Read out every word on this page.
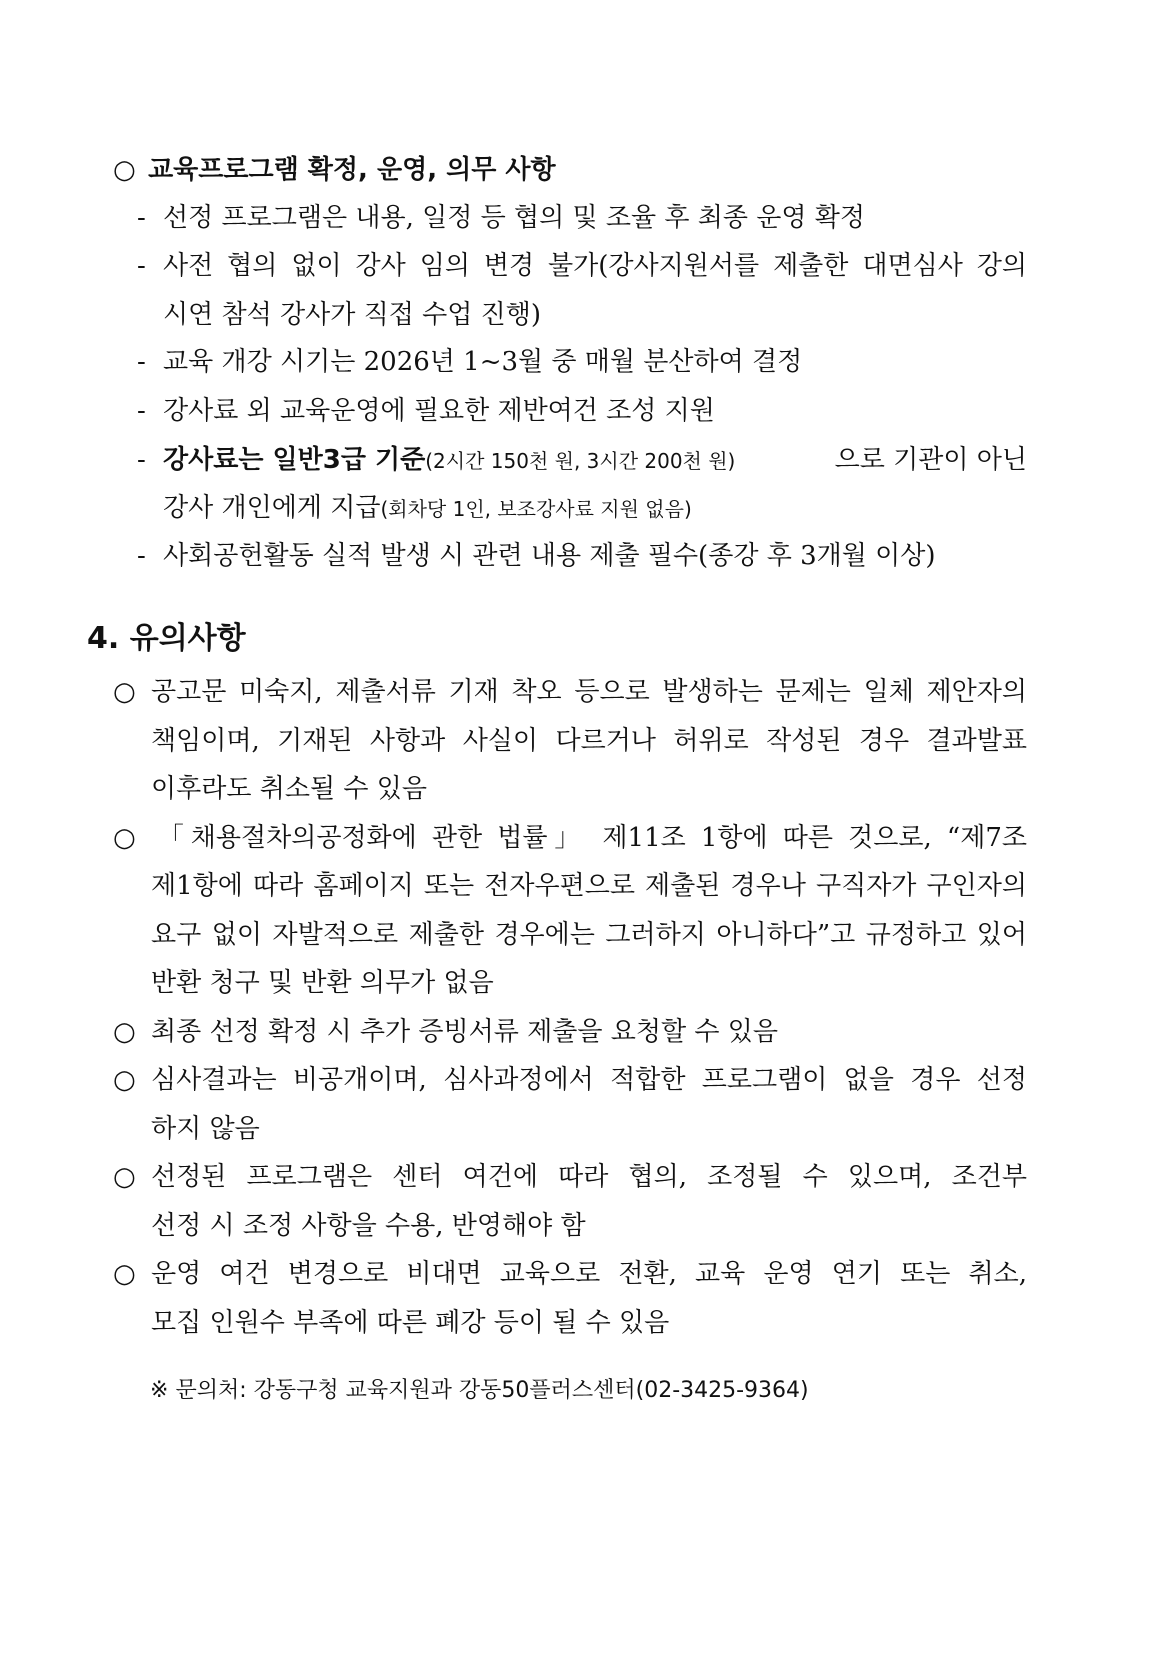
○ 교육프로그램 확정, 운영, 의무 사항
- 선정 프로그램은 내용, 일정 등 협의 및 조율 후 최종 운영 확정
- 사전 협의 없이 강사 임의 변경 불가(강사지원서를 제출한 대면심사 강의
시연 참석 강사가 직접 수업 진행)
- 교육 개강 시기는 2026년 1~3월 중 매월 분산하여 결정
- 강사료 외 교육운영에 필요한 제반여건 조성 지원
- 강사료는 일반3급 기준(2시간 150천 원, 3시간 200천 원)	으로 기관이 아닌
강사 개인에게 지급(회차당 1인, 보조강사료 지원 없음)
- 사회공헌활동 실적 발생 시 관련 내용 제출 필수(종강 후 3개월 이상)
4. 유의사항
○ 공고문 미숙지, 제출서류 기재 착오 등으로 발생하는 문제는 일체 제안자의
책임이며, 기재된 사항과 사실이 다르거나 허위로 작성된 경우 결과발표
이후라도 취소될 수 있음
○ 「채용절차의공정화에 관한 법률」 제11조 1항에 따른 것으로, “제7조
제1항에 따라 홈페이지 또는 전자우편으로 제출된 경우나 구직자가 구인자의
요구 없이 자발적으로 제출한 경우에는 그러하지 아니하다”고 규정하고 있어
반환 청구 및 반환 의무가 없음
○ 최종 선정 확정 시 추가 증빙서류 제출을 요청할 수 있음
○ 심사결과는 비공개이며, 심사과정에서 적합한 프로그램이 없을 경우 선정
하지 않음
○ 선정된 프로그램은 센터 여건에 따라 협의, 조정될 수 있으며, 조건부
선정 시 조정 사항을 수용, 반영해야 함
○ 운영 여건 변경으로 비대면 교육으로 전환, 교육 운영 연기 또는 취소,
모집 인원수 부족에 따른 폐강 등이 될 수 있음
※ 문의처: 강동구청 교육지원과 강동50플러스센터(02-3425-9364)
